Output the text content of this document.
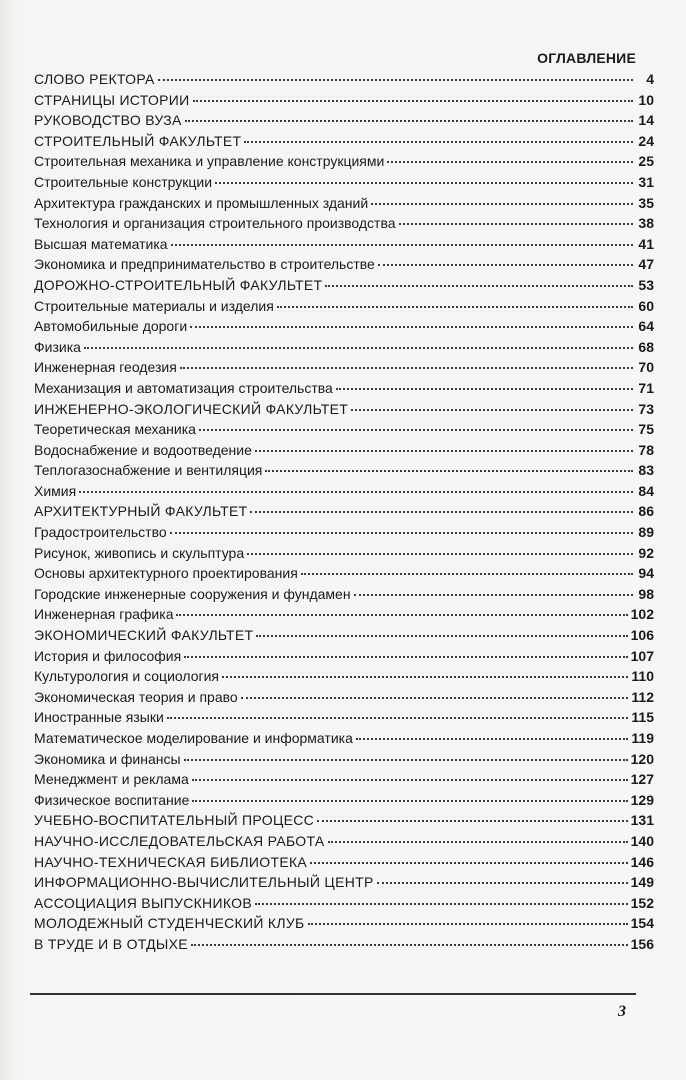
ОГЛАВЛЕНИЕ
СЛОВО РЕКТОРА	4
СТРАНИЦЫ ИСТОРИИ	10
РУКОВОДСТВО ВУЗА	14
СТРОИТЕЛЬНЫЙ ФАКУЛЬТЕТ	24
Строительная механика и управление конструкциями	25
Строительные конструкции	31
Архитектура гражданских и промышленных зданий	35
Технология и организация строительного производства	38
Высшая математика	41
Экономика и предпринимательство в строительстве	47
ДОРОЖНО-СТРОИТЕЛЬНЫЙ ФАКУЛЬТЕТ	53
Строительные материалы и изделия	60
Автомобильные дороги	64
Физика	68
Инженерная геодезия	70
Механизация и автоматизация строительства	71
ИНЖЕНЕРНО-ЭКОЛОГИЧЕСКИЙ ФАКУЛЬТЕТ	73
Теоретическая механика	75
Водоснабжение и водоотведение	78
Теплогазоснабжение и вентиляция	83
Химия	84
АРХИТЕКТУРНЫЙ ФАКУЛЬТЕТ	86
Градостроительство	89
Рисунок, живопись и скульптура	92
Основы архитектурного проектирования	94
Городские инженерные сооружения и фундамен	98
Инженерная графика	102
ЭКОНОМИЧЕСКИЙ ФАКУЛЬТЕТ	106
История и философия	107
Культурология и социология	110
Экономическая теория и право	112
Иностранные языки	115
Математическое моделирование и информатика	119
Экономика и финансы	120
Менеджмент и реклама	127
Физическое воспитание	129
УЧЕБНО-ВОСПИТАТЕЛЬНЫЙ ПРОЦЕСС	131
НАУЧНО-ИССЛЕДОВАТЕЛЬСКАЯ РАБОТА	140
НАУЧНО-ТЕХНИЧЕСКАЯ БИБЛИОТЕКА	146
ИНФОРМАЦИОННО-ВЫЧИСЛИТЕЛЬНЫЙ ЦЕНТР	149
АССОЦИАЦИЯ ВЫПУСКНИКОВ	152
МОЛОДЕЖНЫЙ СТУДЕНЧЕСКИЙ КЛУБ	154
В ТРУДЕ И В ОТДЫХЕ	156
3
